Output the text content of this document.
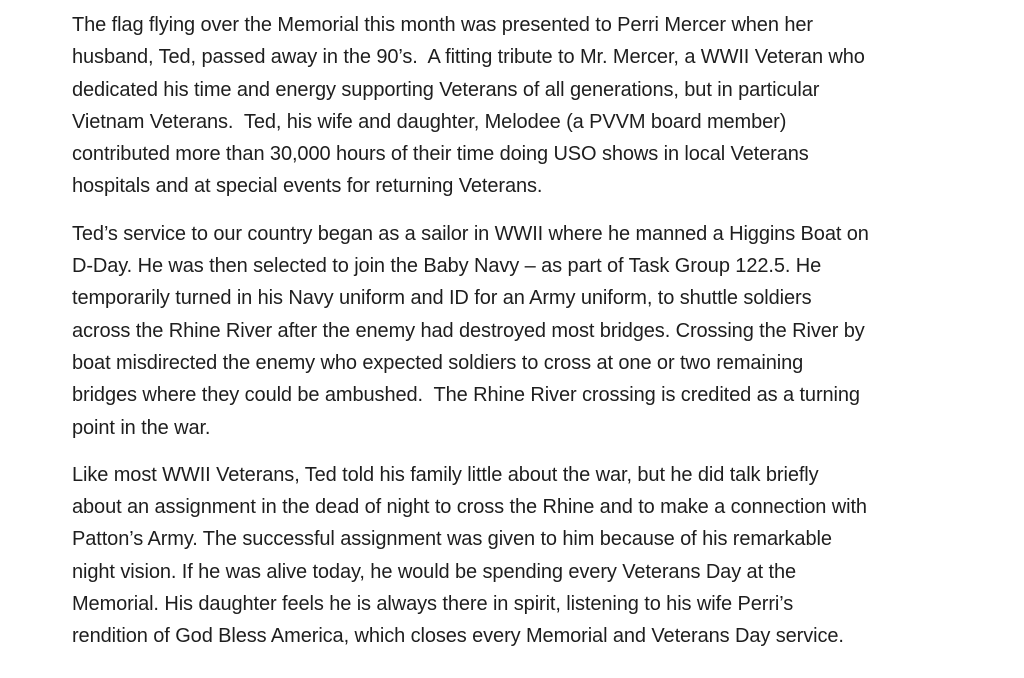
The flag flying over the Memorial this month was presented to Perri Mercer when her
husband, Ted, passed away in the 90’s.  A fitting tribute to Mr. Mercer, a WWII Veteran who
dedicated his time and energy supporting Veterans of all generations, but in particular
Vietnam Veterans.  Ted, his wife and daughter, Melodee (a PVVM board member)
contributed more than 30,000 hours of their time doing USO shows in local Veterans
hospitals and at special events for returning Veterans.

Ted’s service to our country began as a sailor in WWII where he manned a Higgins Boat on
D-Day. He was then selected to join the Baby Navy – as part of Task Group 122.5. He
temporarily turned in his Navy uniform and ID for an Army uniform, to shuttle soldiers
across the Rhine River after the enemy had destroyed most bridges. Crossing the River by
boat misdirected the enemy who expected soldiers to cross at one or two remaining
bridges where they could be ambushed.  The Rhine River crossing is credited as a turning
point in the war.

Like most WWII Veterans, Ted told his family little about the war, but he did talk briefly
about an assignment in the dead of night to cross the Rhine and to make a connection with
Patton’s Army. The successful assignment was given to him because of his remarkable
night vision. If he was alive today, he would be spending every Veterans Day at the
Memorial. His daughter feels he is always there in spirit, listening to his wife Perri’s
rendition of God Bless America, which closes every Memorial and Veterans Day service.
